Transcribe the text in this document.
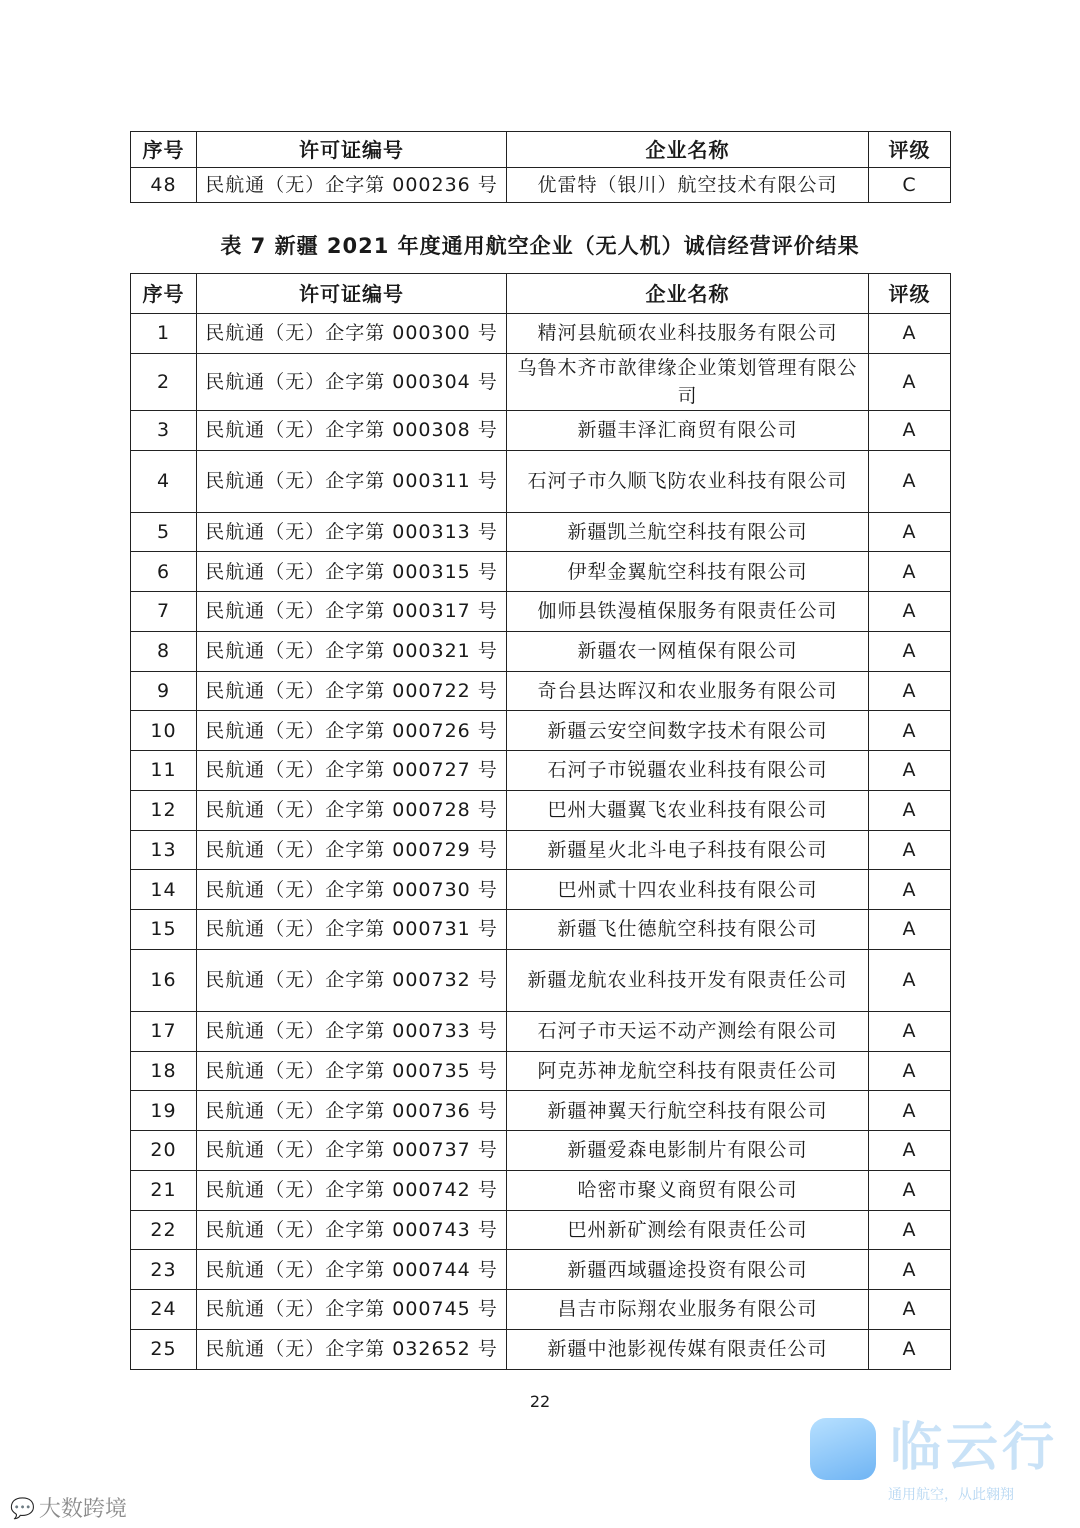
序号	许可证编号	企业名称	评级
48	民航通（无）企字第 000236 号	优雷特（银川）航空技术有限公司	C
表 7 新疆 2021 年度通用航空企业（无人机）诚信经营评价结果
序号	许可证编号	企业名称	评级
1	民航通（无）企字第 000300 号	精河县航硕农业科技服务有限公司	A
2	民航通（无）企字第 000304 号	乌鲁木齐市歆律缘企业策划管理有限公司	A
3	民航通（无）企字第 000308 号	新疆丰泽汇商贸有限公司	A
4	民航通（无）企字第 000311 号	石河子市久顺飞防农业科技有限公司	A
5	民航通（无）企字第 000313 号	新疆凯兰航空科技有限公司	A
6	民航通（无）企字第 000315 号	伊犁金翼航空科技有限公司	A
7	民航通（无）企字第 000317 号	伽师县铁漫植保服务有限责任公司	A
8	民航通（无）企字第 000321 号	新疆农一网植保有限公司	A
9	民航通（无）企字第 000722 号	奇台县达晖汉和农业服务有限公司	A
10	民航通（无）企字第 000726 号	新疆云安空间数字技术有限公司	A
11	民航通（无）企字第 000727 号	石河子市锐疆农业科技有限公司	A
12	民航通（无）企字第 000728 号	巴州大疆翼飞农业科技有限公司	A
13	民航通（无）企字第 000729 号	新疆星火北斗电子科技有限公司	A
14	民航通（无）企字第 000730 号	巴州贰十四农业科技有限公司	A
15	民航通（无）企字第 000731 号	新疆飞仕德航空科技有限公司	A
16	民航通（无）企字第 000732 号	新疆龙航农业科技开发有限责任公司	A
17	民航通（无）企字第 000733 号	石河子市天运不动产测绘有限公司	A
18	民航通（无）企字第 000735 号	阿克苏神龙航空科技有限责任公司	A
19	民航通（无）企字第 000736 号	新疆神翼天行航空科技有限公司	A
20	民航通（无）企字第 000737 号	新疆爱森电影制片有限公司	A
21	民航通（无）企字第 000742 号	哈密市聚义商贸有限公司	A
22	民航通（无）企字第 000743 号	巴州新矿测绘有限责任公司	A
23	民航通（无）企字第 000744 号	新疆西域疆途投资有限公司	A
24	民航通（无）企字第 000745 号	昌吉市际翔农业服务有限公司	A
25	民航通（无）企字第 032652 号	新疆中池影视传媒有限责任公司	A
22
💬 大数跨境
临云行
通用航空，从此翱翔
